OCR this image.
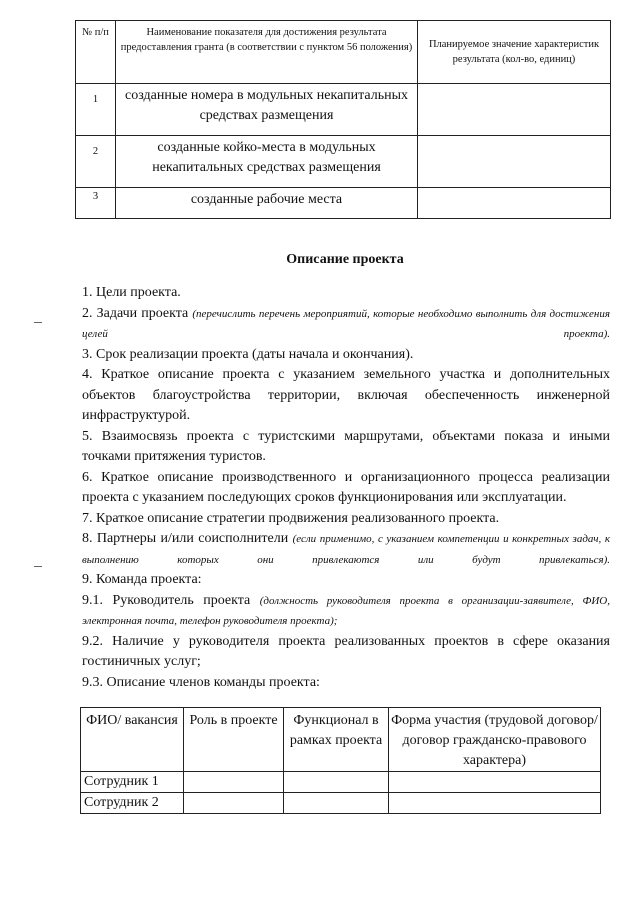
№ п/п	Наименование показателя для достижения результата предоставления гранта (в соответствии с пунктом 56 положения)	Планируемое значение характеристик результата (кол-во, единиц)
1	созданные номера в модульных некапитальных средствах размещения	
2	созданные койко-места в модульных некапитальных средствах размещения	
3	созданные рабочие места	
Описание проекта

1. Цели проекта.

2. Задачи проекта (перечислить перечень мероприятий, которые необходимо выполнить для достижения целей проекта).

3. Срок реализации проекта (даты начала и окончания).

4. Краткое описание проекта с указанием земельного участка и дополнительных объектов благоустройства территории, включая обеспеченность инженерной инфраструктурой.

5. Взаимосвязь проекта с туристскими маршрутами, объектами показа и иными точками притяжения туристов.

6. Краткое описание производственного и организационного процесса реализации проекта с указанием последующих сроков функционирования или эксплуатации.

7. Краткое описание стратегии продвижения реализованного проекта.

8. Партнеры и/или соисполнители (если применимо, с указанием компетенции и конкретных задач, к выполнению которых они привлекаются или будут привлекаться).

9. Команда проекта:

9.1. Руководитель проекта (должность руководителя проекта в организации-заявителе, ФИО, электронная почта, телефон руководителя проекта);

9.2. Наличие у руководителя проекта реализованных проектов в сфере оказания гостиничных услуг;

9.3. Описание членов команды проекта:

ФИО/ вакансия	Роль в проекте	Функционал в рамках проекта	Форма участия (трудовой договор/договор гражданско-правового характера)
Сотрудник 1			
Сотрудник 2			
